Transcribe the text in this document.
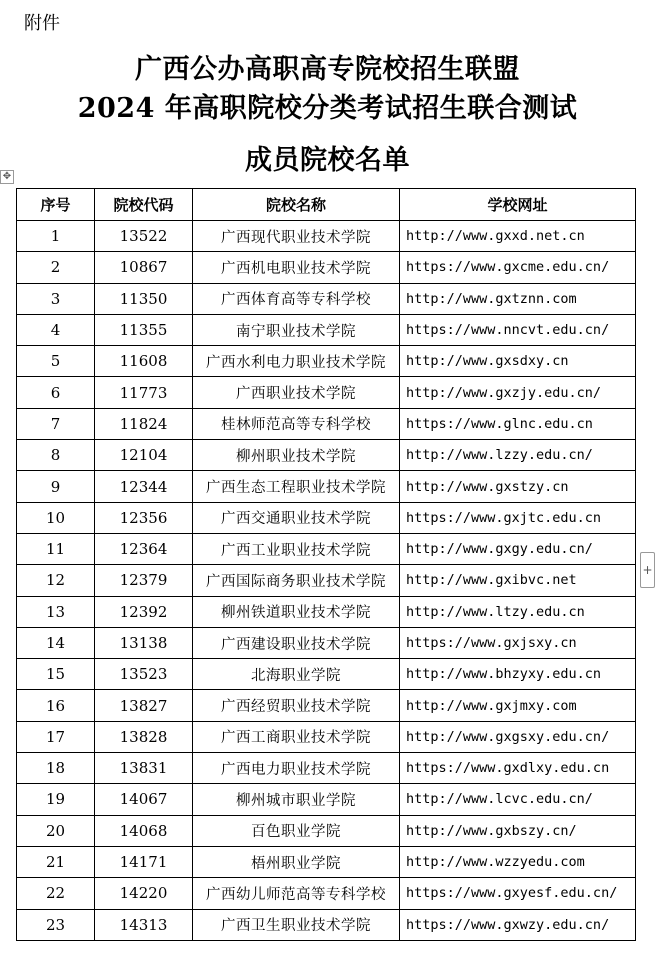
附件
广西公办高职高专院校招生联盟
2024 年高职院校分类考试招生联合测试
成员院校名单
✥
+
序号	院校代码	院校名称	学校网址
1	13522	广西现代职业技术学院	http://www.gxxd.net.cn
2	10867	广西机电职业技术学院	https://www.gxcme.edu.cn/
3	11350	广西体育高等专科学校	http://www.gxtznn.com
4	11355	南宁职业技术学院	https://www.nncvt.edu.cn/
5	11608	广西水利电力职业技术学院	http://www.gxsdxy.cn
6	11773	广西职业技术学院	http://www.gxzjy.edu.cn/
7	11824	桂林师范高等专科学校	https://www.glnc.edu.cn
8	12104	柳州职业技术学院	http://www.lzzy.edu.cn/
9	12344	广西生态工程职业技术学院	http://www.gxstzy.cn
10	12356	广西交通职业技术学院	https://www.gxjtc.edu.cn
11	12364	广西工业职业技术学院	http://www.gxgy.edu.cn/
12	12379	广西国际商务职业技术学院	http://www.gxibvc.net
13	12392	柳州铁道职业技术学院	http://www.ltzy.edu.cn
14	13138	广西建设职业技术学院	https://www.gxjsxy.cn
15	13523	北海职业学院	http://www.bhzyxy.edu.cn
16	13827	广西经贸职业技术学院	http://www.gxjmxy.com
17	13828	广西工商职业技术学院	http://www.gxgsxy.edu.cn/
18	13831	广西电力职业技术学院	https://www.gxdlxy.edu.cn
19	14067	柳州城市职业学院	http://www.lcvc.edu.cn/
20	14068	百色职业学院	http://www.gxbszy.cn/
21	14171	梧州职业学院	http://www.wzzyedu.com
22	14220	广西幼儿师范高等专科学校	https://www.gxyesf.edu.cn/
23	14313	广西卫生职业技术学院	https://www.gxwzy.edu.cn/
